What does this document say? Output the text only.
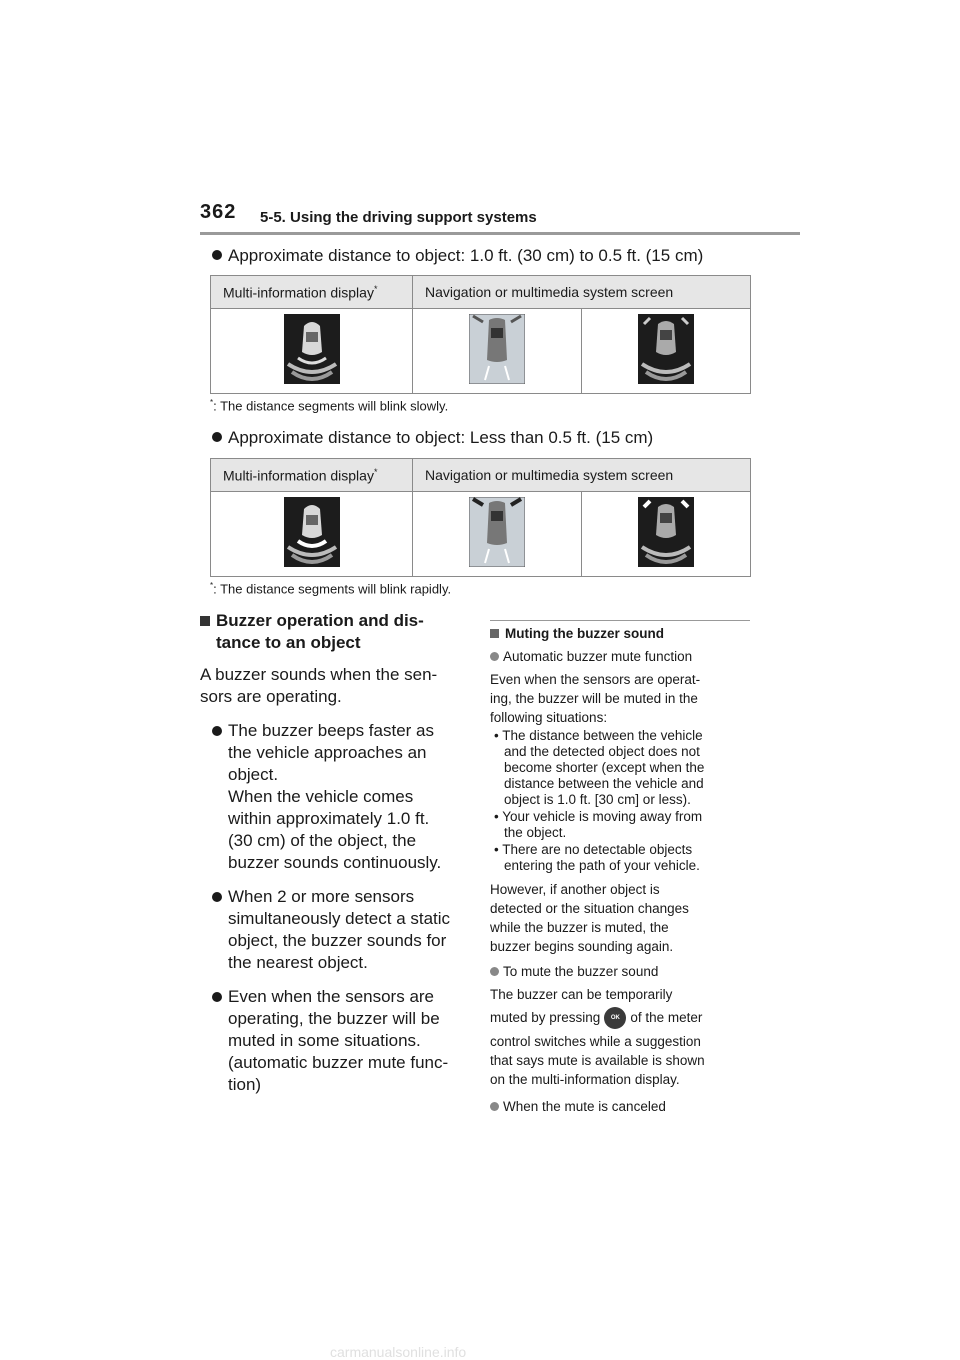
362 5-5. Using the driving support systems
Approximate distance to object: 1.0 ft. (30 cm) to 0.5 ft. (15 cm)
Multi-information display*	Navigation or multimedia system screen	

*: The distance segments will blink slowly.
Approximate distance to object: Less than 0.5 ft. (15 cm)
Multi-information display*	Navigation or multimedia system screen	

*: The distance segments will blink rapidly.

Buzzer operation and dis-
tance to an object

A buzzer sounds when the sen-
sors are operating.

The buzzer beeps faster as
the vehicle approaches an
object.
When the vehicle comes
within approximately 1.0 ft.
(30 cm) of the object, the
buzzer sounds continuously.
When 2 or more sensors
simultaneously detect a static
object, the buzzer sounds for
the nearest object.
Even when the sensors are
operating, the buzzer will be
muted in some situations.
(automatic buzzer mute func-
tion)

Muting the buzzer sound

Automatic buzzer mute function

Even when the sensors are operat-
ing, the buzzer will be muted in the
following situations:

• The distance between the vehicle
and the detected object does not
become shorter (except when the
distance between the vehicle and
object is 1.0 ft. [30 cm] or less).

• Your vehicle is moving away from
the object.

• There are no detectable objects
entering the path of your vehicle.

However, if another object is
detected or the situation changes
while the buzzer is muted, the
buzzer begins sounding again.

To mute the buzzer sound

The buzzer can be temporarily
muted by pressing OK of the meter
control switches while a suggestion
that says mute is available is shown
on the multi-information display.

When the mute is canceled

carmanualsonline.info
